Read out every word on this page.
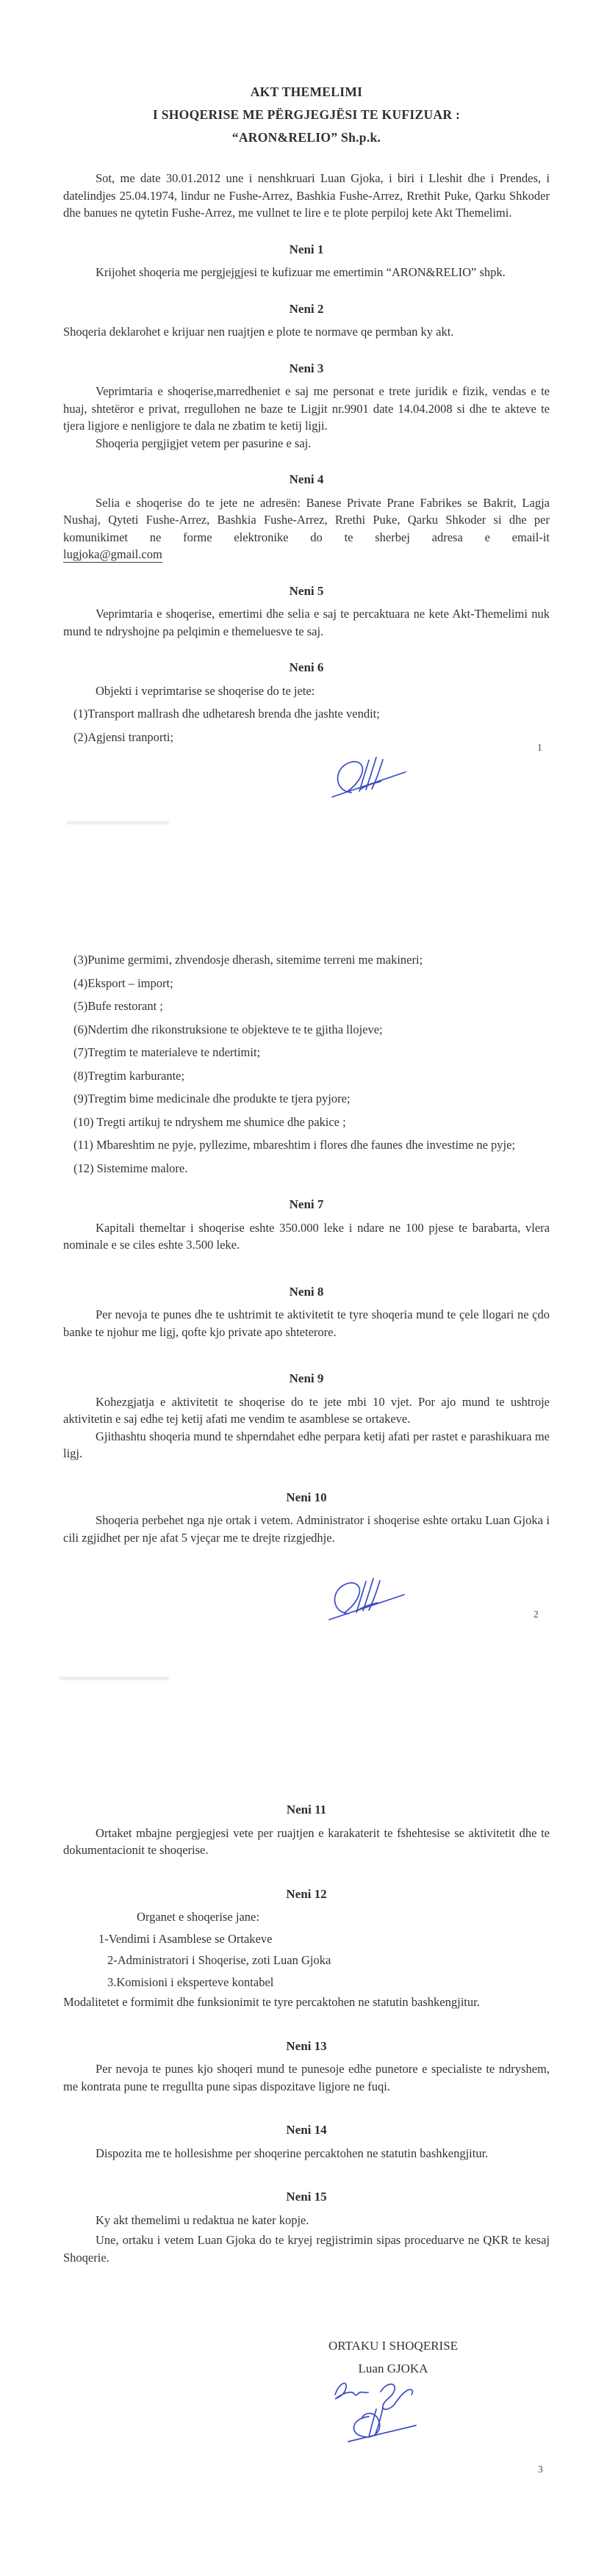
AKT THEMELIMI

I SHOQERISE ME PËRGJEGJËSI TE KUFIZUAR :

“ARON&RELIO” Sh.p.k.

Sot, me date 30.01.2012 une i nenshkruari Luan Gjoka, i biri i Lleshit dhe i Prendes, i datelindjes 25.04.1974, lindur ne Fushe-Arrez, Bashkia Fushe-Arrez, Rrethit Puke, Qarku Shkoder dhe banues ne qytetin Fushe-Arrez, me vullnet te lire e te plote perpiloj kete Akt Themelimi.

Neni 1

Krijohet shoqeria me pergjejgjesi te kufizuar me emertimin “ARON&RELIO” shpk.

Neni 2

Shoqeria deklarohet e krijuar nen ruajtjen e plote te normave qe permban ky akt.

Neni 3

Veprimtaria e shoqerise,marredheniet e saj me personat e trete juridik e fizik, vendas e te huaj, shtetëror e privat, rregullohen ne baze te Ligjit nr.9901 date 14.04.2008 si dhe te akteve te tjera ligjore e nenligjore te dala ne zbatim te ketij ligji.

Shoqeria pergjigjet vetem per pasurine e saj.

Neni 4

Selia e shoqerise do te jete ne adresën: Banese Private Prane Fabrikes se Bakrit, Lagja Nushaj, Qyteti Fushe-Arrez, Bashkia Fushe-Arrez, Rrethi Puke, Qarku Shkoder si dhe per komunikimet ne forme elektronike do te sherbej adresa e email-it

lugjoka@gmail.com

Neni 5

Veprimtaria e shoqerise, emertimi dhe selia e saj te percaktuara ne kete Akt-Themelimi nuk mund te ndryshojne pa pelqimin e themeluesve te saj.

Neni 6

Objekti i veprimtarise se shoqerise do te jete:

(1)Transport mallrash dhe udhetaresh brenda dhe jashte vendit;

(2)Agjensi tranporti;

1

(3)Punime germimi, zhvendosje dherash, sitemime terreni me makineri;

(4)Eksport – import;

(5)Bufe restorant ;

(6)Ndertim dhe rikonstruksione te objekteve te te gjitha llojeve;

(7)Tregtim te materialeve te ndertimit;

(8)Tregtim karburante;

(9)Tregtim bime medicinale dhe produkte te tjera pyjore;

(10) Tregti artikuj te ndryshem me shumice dhe pakice ;

(11) Mbareshtim ne pyje, pyllezime, mbareshtim i flores dhe faunes dhe investime ne pyje;

(12) Sistemime malore.

Neni 7

Kapitali themeltar i shoqerise eshte 350.000 leke i ndare ne 100 pjese te barabarta, vlera nominale e se ciles eshte 3.500 leke.

Neni 8

Per nevoja te punes dhe te ushtrimit te aktivitetit te tyre shoqeria mund te çele llogari ne çdo banke te njohur me ligj, qofte kjo private apo shteterore.

Neni 9

Kohezgjatja e aktivitetit te shoqerise do te jete mbi 10 vjet. Por ajo mund te ushtroje aktivitetin e saj edhe tej ketij afati me vendim te asamblese se ortakeve.

Gjithashtu shoqeria mund te shperndahet edhe perpara ketij afati per rastet e parashikuara me ligj.

Neni 10

Shoqeria perbehet nga nje ortak i vetem. Administrator i shoqerise eshte ortaku Luan Gjoka i cili zgjidhet per nje afat 5 vjeçar me te drejte rizgjedhje.

2

Neni 11

Ortaket mbajne pergjegjesi vete per ruajtjen e karakaterit te fshehtesise se aktivitetit dhe te dokumentacionit te shoqerise.

Neni 12

Organet e shoqerise jane:

1-Vendimi i Asamblese se Ortakeve

2-Administratori i Shoqerise, zoti Luan Gjoka

3.Komisioni i eksperteve kontabel

Modalitetet e formimit dhe funksionimit te tyre percaktohen ne statutin bashkengjitur.

Neni 13

Per nevoja te punes kjo shoqeri mund te punesoje edhe punetore e specialiste te ndryshem, me kontrata pune te rregullta pune sipas dispozitave ligjore ne fuqi.

Neni 14

Dispozita me te hollesishme per shoqerine percaktohen ne statutin bashkengjitur.

Neni 15

Ky akt themelimi u redaktua ne kater kopje.

Une, ortaku i vetem Luan Gjoka do te kryej regjistrimin sipas proceduarve ne QKR te kesaj Shoqerie.

ORTAKU I SHOQERISE

Luan GJOKA

3
